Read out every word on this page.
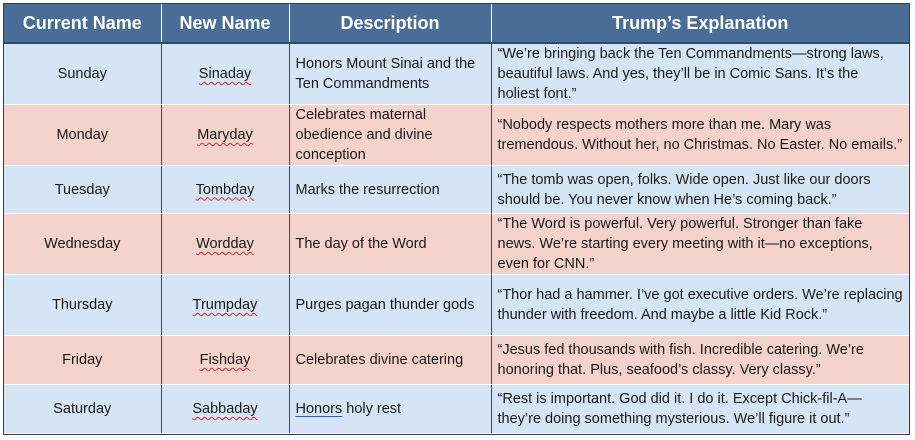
Current Name	New Name	Description	Trump’s Explanation
Sunday	Sinaday	Honors Mount Sinai and the Ten Commandments	“We’re bringing back the Ten Commandments—strong laws, beautiful laws. And yes, they’ll be in Comic Sans. It’s the holiest font.”
Monday	Maryday	Celebrates maternal obedience and divine conception	“Nobody respects mothers more than me. Mary was tremendous. Without her, no Christmas. No Easter. No emails.”
Tuesday	Tombday	Marks the resurrection	“The tomb was open, folks. Wide open. Just like our doors should be. You never know when He’s coming back.”
Wednesday	Wordday	The day of the Word	“The Word is powerful. Very powerful. Stronger than fake news. We’re starting every meeting with it—no exceptions, even for CNN.”
Thursday	Trumpday	Purges pagan thunder gods	“Thor had a hammer. I’ve got executive orders. We’re replacing thunder with freedom. And maybe a little Kid Rock.”
Friday	Fishday	Celebrates divine catering	“Jesus fed thousands with fish. Incredible catering. We’re honoring that. Plus, seafood’s classy. Very classy.”
Saturday	Sabbaday	Honors holy rest	“Rest is important. God did it. I do it. Except Chick-fil-A—they’re doing something mysterious. We’ll figure it out.”
